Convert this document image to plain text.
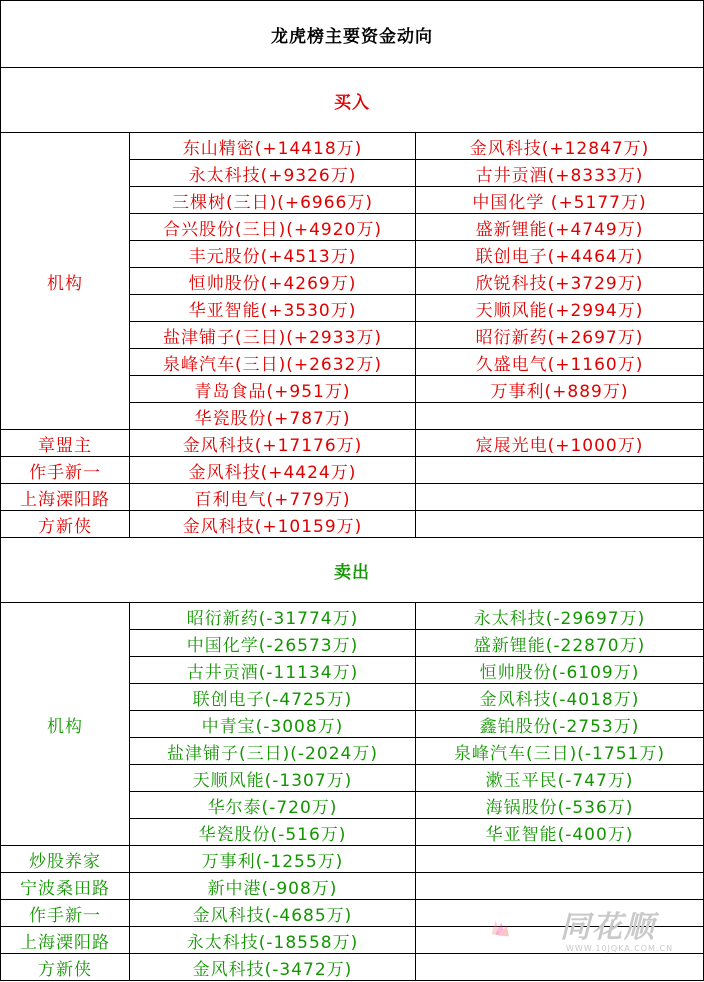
龙虎榜主要资金动向		
买入		
机构	东山精密(+14418万)	金风科技(+12847万)
	永太科技(+9326万)	古井贡酒(+8333万)
	三棵树(三日)(+6966万)	中国化学 (+5177万)
	合兴股份(三日)(+4920万)	盛新锂能(+4749万)
	丰元股份(+4513万)	联创电子(+4464万)
	恒帅股份(+4269万)	欣锐科技(+3729万)
	华亚智能(+3530万)	天顺风能(+2994万)
	盐津铺子(三日)(+2933万)	昭衍新药(+2697万)
	泉峰汽车(三日)(+2632万)	久盛电气(+1160万)
	青岛食品(+951万)	万事利(+889万)
	华瓷股份(+787万)	
章盟主	金风科技(+17176万)	宸展光电(+1000万)
作手新一	金风科技(+4424万)	
上海溧阳路	百利电气(+779万)	
方新侠	金风科技(+10159万)	
卖出		
机构	昭衍新药(-31774万)	永太科技(-29697万)
	中国化学(-26573万)	盛新锂能(-22870万)
	古井贡酒(-11134万)	恒帅股份(-6109万)
	联创电子(-4725万)	金风科技(-4018万)
	中青宝(-3008万)	鑫铂股份(-2753万)
	盐津铺子(三日)(-2024万)	泉峰汽车(三日)(-1751万)
	天顺风能(-1307万)	漱玉平民(-747万)
	华尔泰(-720万)	海锅股份(-536万)
	华瓷股份(-516万)	华亚智能(-400万)
炒股养家	万事利(-1255万)	
宁波桑田路	新中港(-908万)	
作手新一	金风科技(-4685万)	
上海溧阳路	永太科技(-18558万)	
方新侠	金风科技(-3472万)	
同花顺
WWW.10JQKA.COM.CN
